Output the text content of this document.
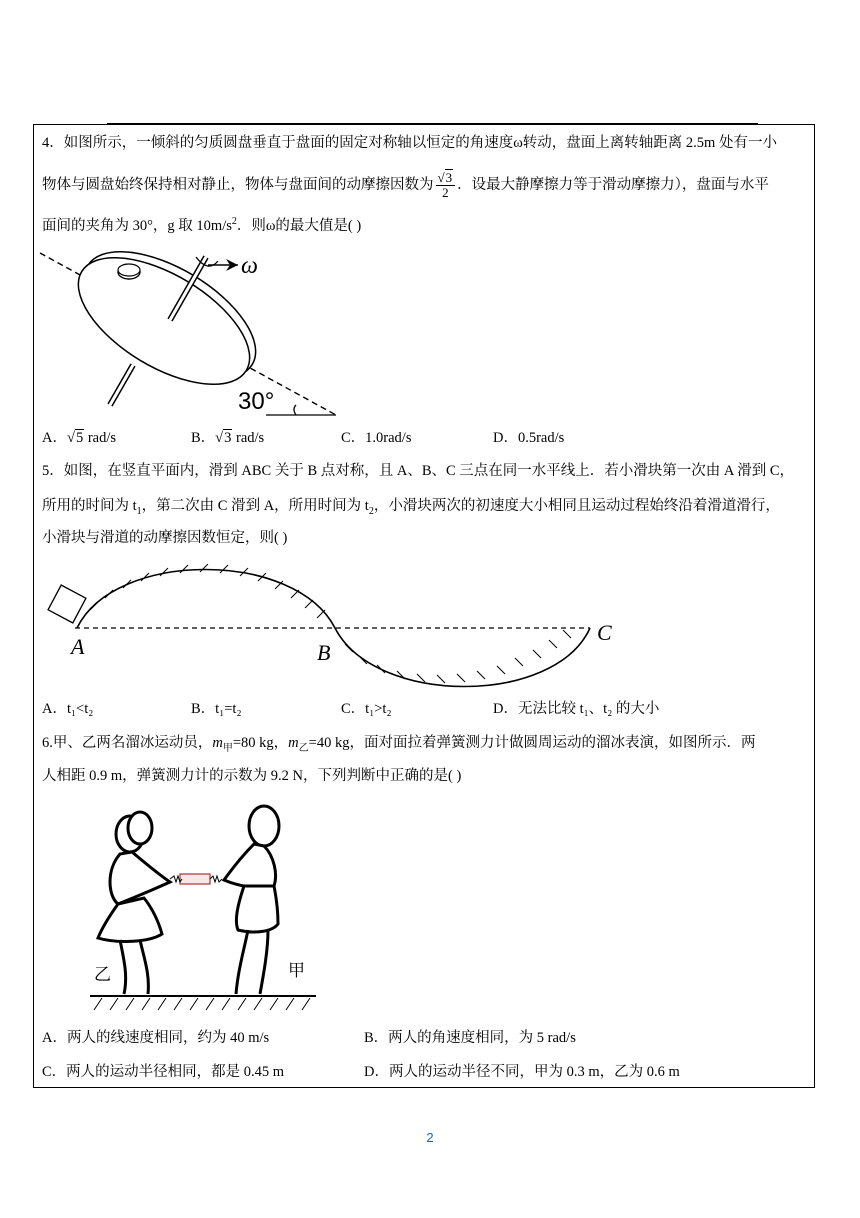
4．如图所示，一倾斜的匀质圆盘垂直于盘面的固定对称轴以恒定的角速度ω转动，盘面上离转轴距离 2.5m 处有一小
物体与圆盘始终保持相对静止，物体与盘面间的动摩擦因数为 $\frac{√3}{2}$ ．设最大静摩擦力等于滑动摩擦力），盘面与水平
面间的夹角为 30°，g 取 $10m/s^2$．则ω的最大值是( )
ω
30°
A．√5 rad/s	B．√3 rad/s	C．1.0rad/s	D．0.5rad/s
5．如图，在竖直平面内，滑到 ABC 关于 B 点对称，且 A、B、C 三点在同一水平线上．若小滑块第一次由 A 滑到 C，
所用的时间为 $t_1$，第二次由 C 滑到 A，所用时间为 $t_2$，小滑块两次的初速度大小相同且运动过程始终沿着滑道滑行，
小滑块与滑道的动摩擦因数恒定，则( )
A	B
C
A．t₁<t₂	B．t₁=t₂	C．t₁>t₂	D．无法比较 t₁、t₂ 的大小
6.甲、乙两名溜冰运动员，$m_甲=80$ kg，$m_乙=40$ kg，面对面拉着弹簧测力计做圆周运动的溜冰表演，如图所示．两
人相距 0.9 m，弹簧测力计的示数为 9.2 N，下列判断中正确的是( )
乙	甲
A．两人的线速度相同，约为 40 m/s	B．两人的角速度相同，为 5 rad/s
C．两人的运动半径相同，都是 0.45 m	D．两人的运动半径不同，甲为 0.3 m，乙为 0.6 m
2
